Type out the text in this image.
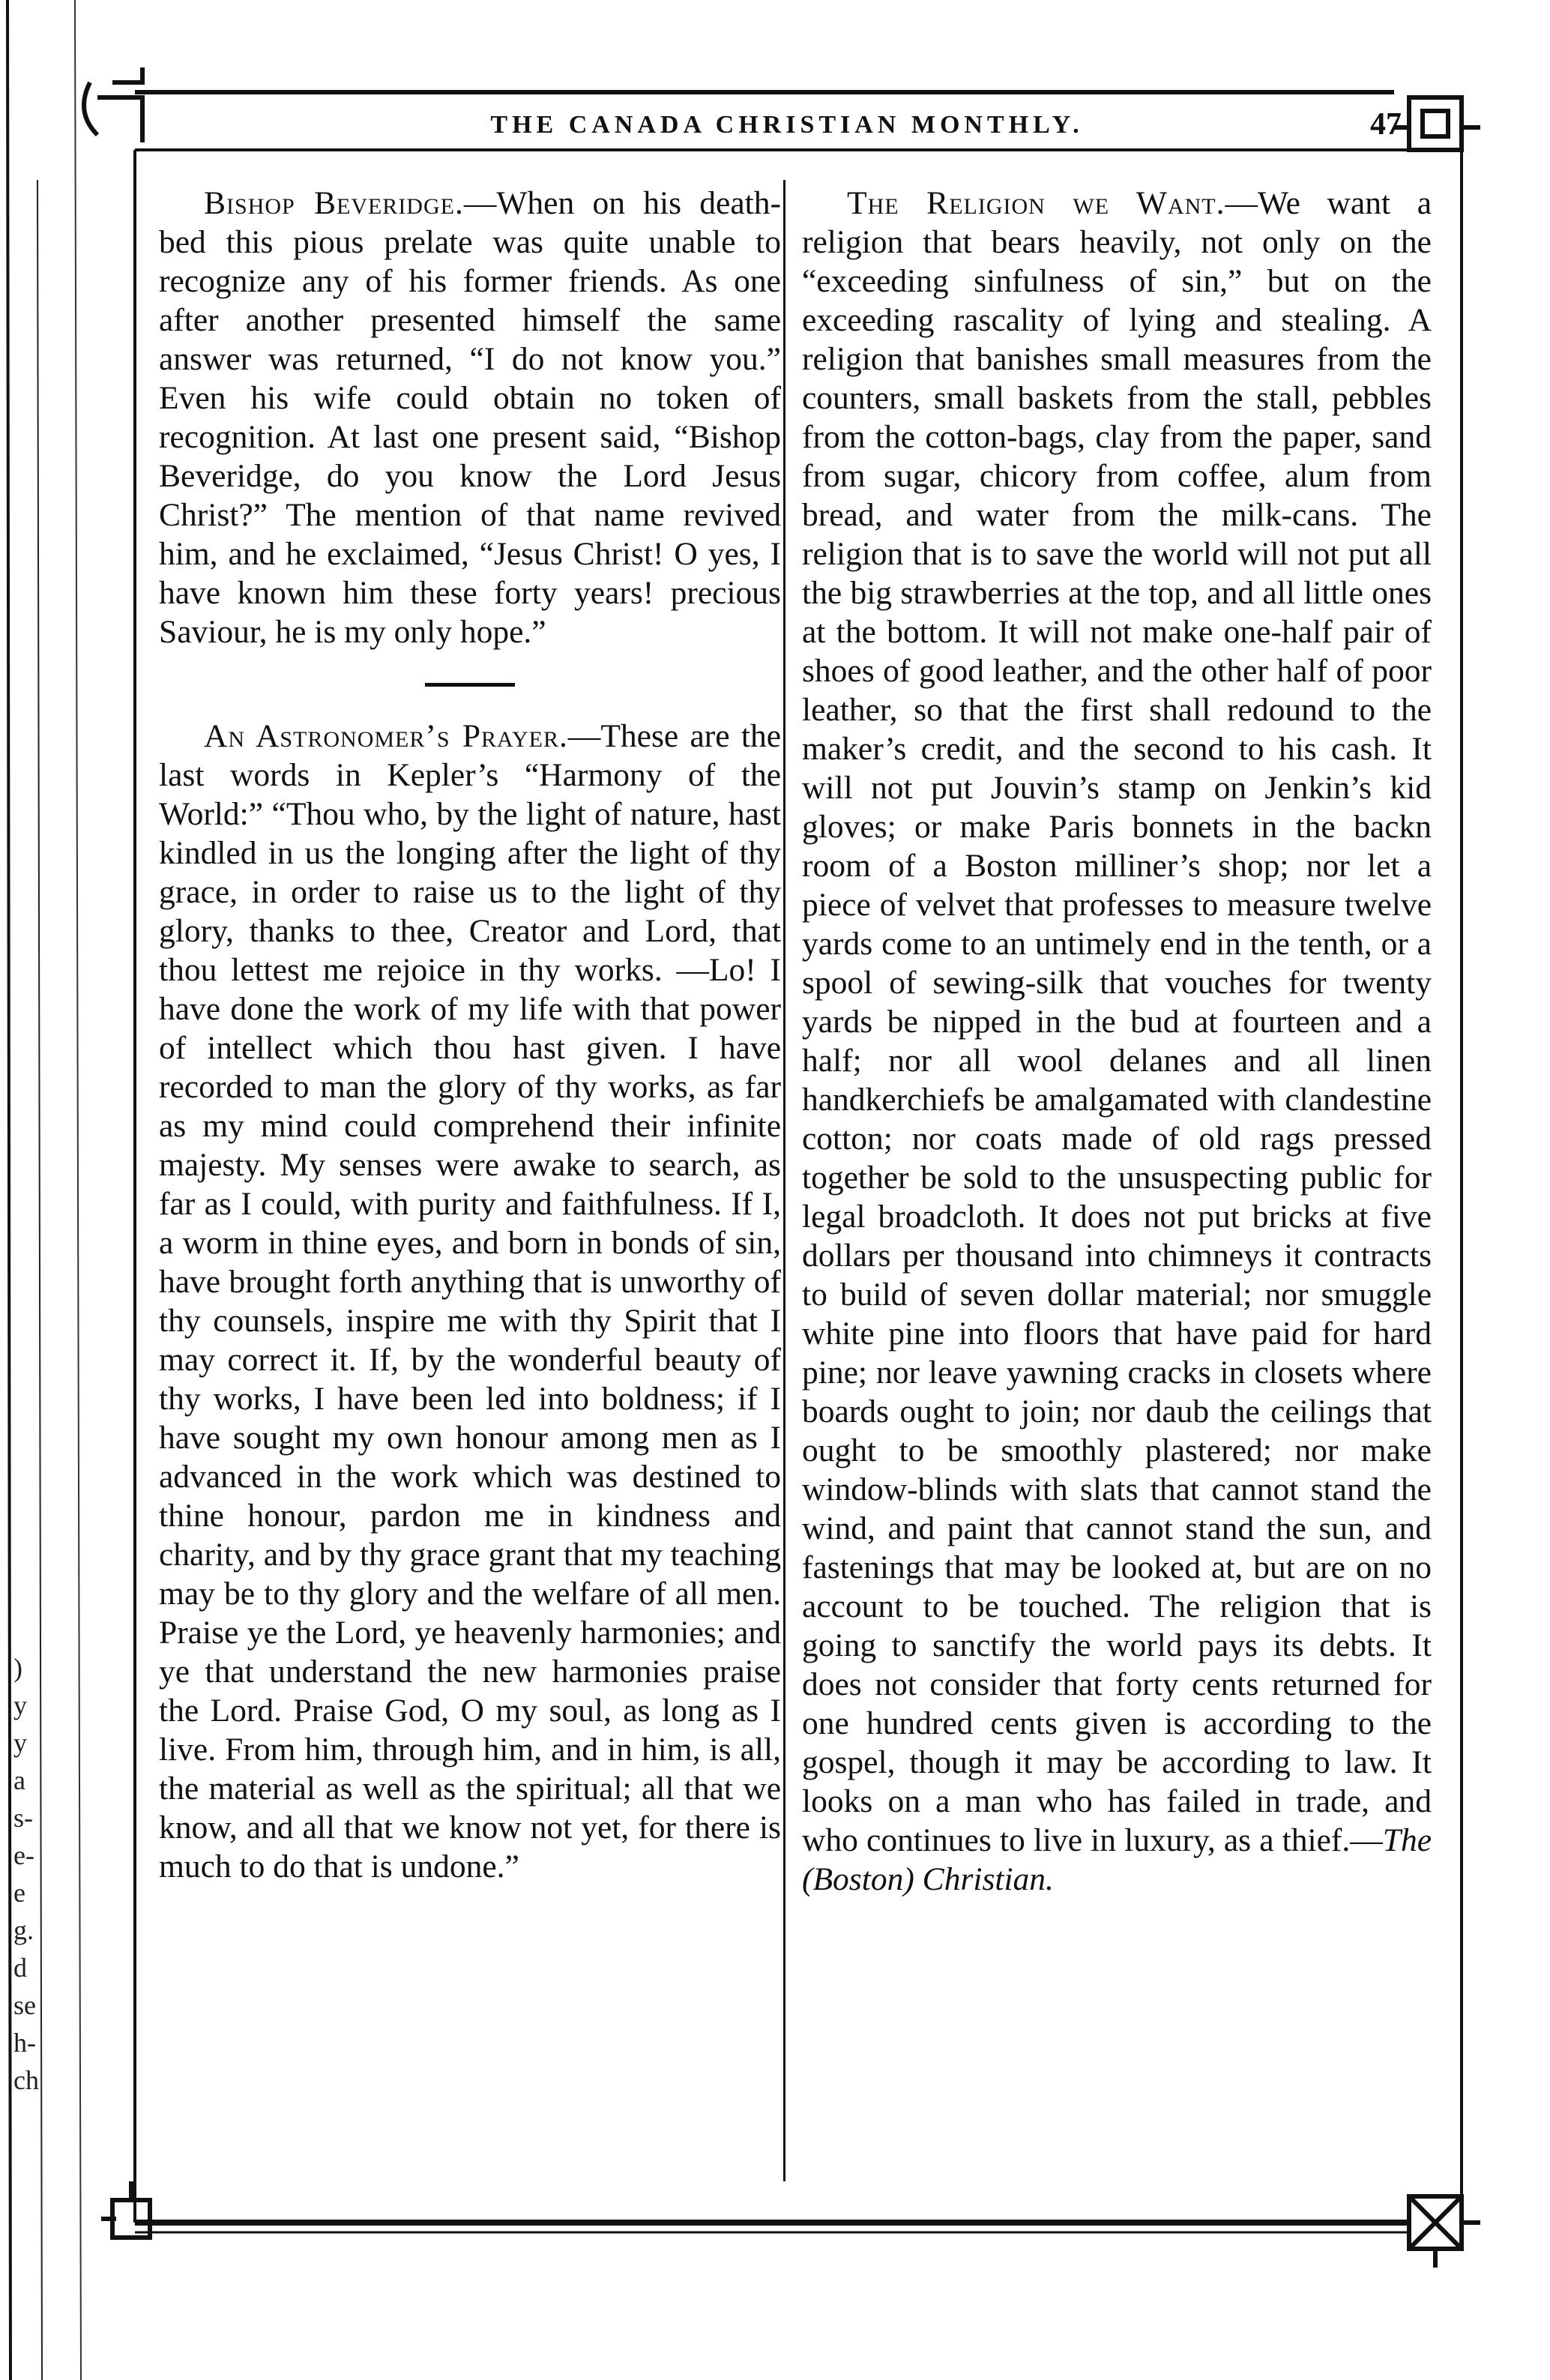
)
y
y
a
s-
e-
e
g.
d
se
h-
ch
THE CANADA CHRISTIAN MONTHLY.	47

Bishop Beveridge.—When on his death-bed this pious prelate was quite unable to recognize any of his former friends. As one after another presented himself the same answer was returned, “I do not know you.” Even his wife could obtain no token of recognition. At last one present said, “Bishop Beveridge, do you know the Lord Jesus Christ?” The mention of that name revived him, and he exclaimed, “Jesus Christ! O yes, I have known him these forty years! precious Saviour, he is my only hope.”

An Astronomer’s Prayer.—These are the last words in Kepler’s “Harmony of the World:” “Thou who, by the light of nature, hast kindled in us the longing after the light of thy grace, in order to raise us to the light of thy glory, thanks to thee, Creator and Lord, that thou lettest me rejoice in thy works. —Lo! I have done the work of my life with that power of intellect which thou hast given. I have recorded to man the glory of thy works, as far as my mind could comprehend their infinite majesty. My senses were awake to search, as far as I could, with purity and faithfulness. If I, a worm in thine eyes, and born in bonds of sin, have brought forth anything that is unworthy of thy counsels, inspire me with thy Spirit that I may correct it. If, by the wonderful beauty of thy works, I have been led into boldness; if I have sought my own honour among men as I advanced in the work which was destined to thine honour, pardon me in kindness and charity, and by thy grace grant that my teaching may be to thy glory and the welfare of all men. Praise ye the Lord, ye heavenly harmonies; and ye that understand the new harmonies praise the Lord. Praise God, O my soul, as long as I live. From him, through him, and in him, is all, the material as well as the spiritual; all that we know, and all that we know not yet, for there is much to do that is undone.”

The Religion we Want.—We want a religion that bears heavily, not only on the “exceeding sinfulness of sin,” but on the exceeding rascality of lying and stealing. A religion that banishes small measures from the counters, small baskets from the stall, pebbles from the cotton-bags, clay from the paper, sand from sugar, chicory from coffee, alum from bread, and water from the milk-cans. The religion that is to save the world will not put all the big strawberries at the top, and all little ones at the bottom. It will not make one-half pair of shoes of good leather, and the other half of poor leather, so that the first shall redound to the maker’s credit, and the second to his cash. It will not put Jouvin’s stamp on Jenkin’s kid gloves; or make Paris bonnets in the backn room of a Boston milliner’s shop; nor let a piece of velvet that professes to measure twelve yards come to an untimely end in the tenth, or a spool of sewing-silk that vouches for twenty yards be nipped in the bud at fourteen and a half; nor all wool delanes and all linen handkerchiefs be amalgamated with clandestine cotton; nor coats made of old rags pressed together be sold to the unsuspecting public for legal broadcloth. It does not put bricks at five dollars per thousand into chimneys it contracts to build of seven dollar material; nor smuggle white pine into floors that have paid for hard pine; nor leave yawning cracks in closets where boards ought to join; nor daub the ceilings that ought to be smoothly plastered; nor make window-blinds with slats that cannot stand the wind, and paint that cannot stand the sun, and fastenings that may be looked at, but are on no account to be touched. The religion that is going to sanctify the world pays its debts. It does not consider that forty cents returned for one hundred cents given is according to the gospel, though it may be according to law. It looks on a man who has failed in trade, and who continues to live in luxury, as a thief.—The (Boston) Christian.
